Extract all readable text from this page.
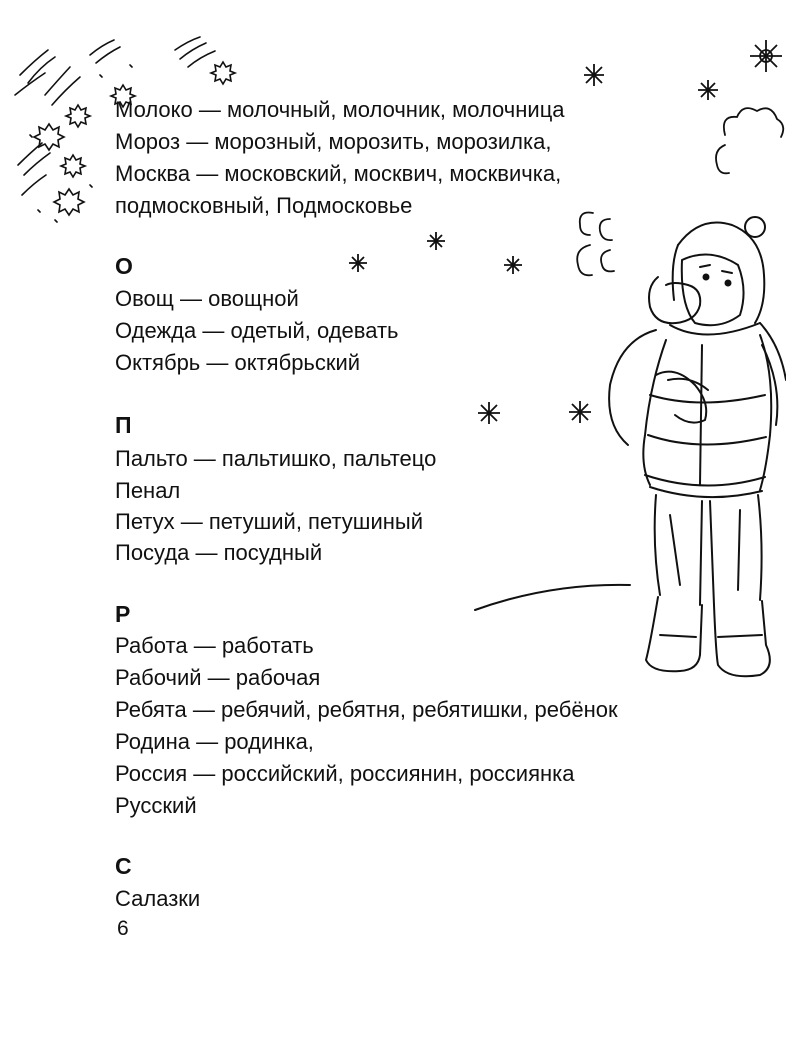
Молоко — молочный, молочник, молочница
Мороз — морозный, морозить, морозилка,
Москва — московский, москвич, москвичка,
подмосковный, Подмосковье
О
Овощ — овощной
Одежда — одетый, одевать
Октябрь — октябрьский
П
Пальто — пальтишко, пальтецо
Пенал
Петух — петуший, петушиный
Посуда — посудный
Р
Работа — работать
Рабочий — рабочая
Ребята — ребячий, ребятня, ребятишки, ребёнок
Родина — родинка,
Россия — российский, россиянин, россиянка
Русский
С
Салазки
6
